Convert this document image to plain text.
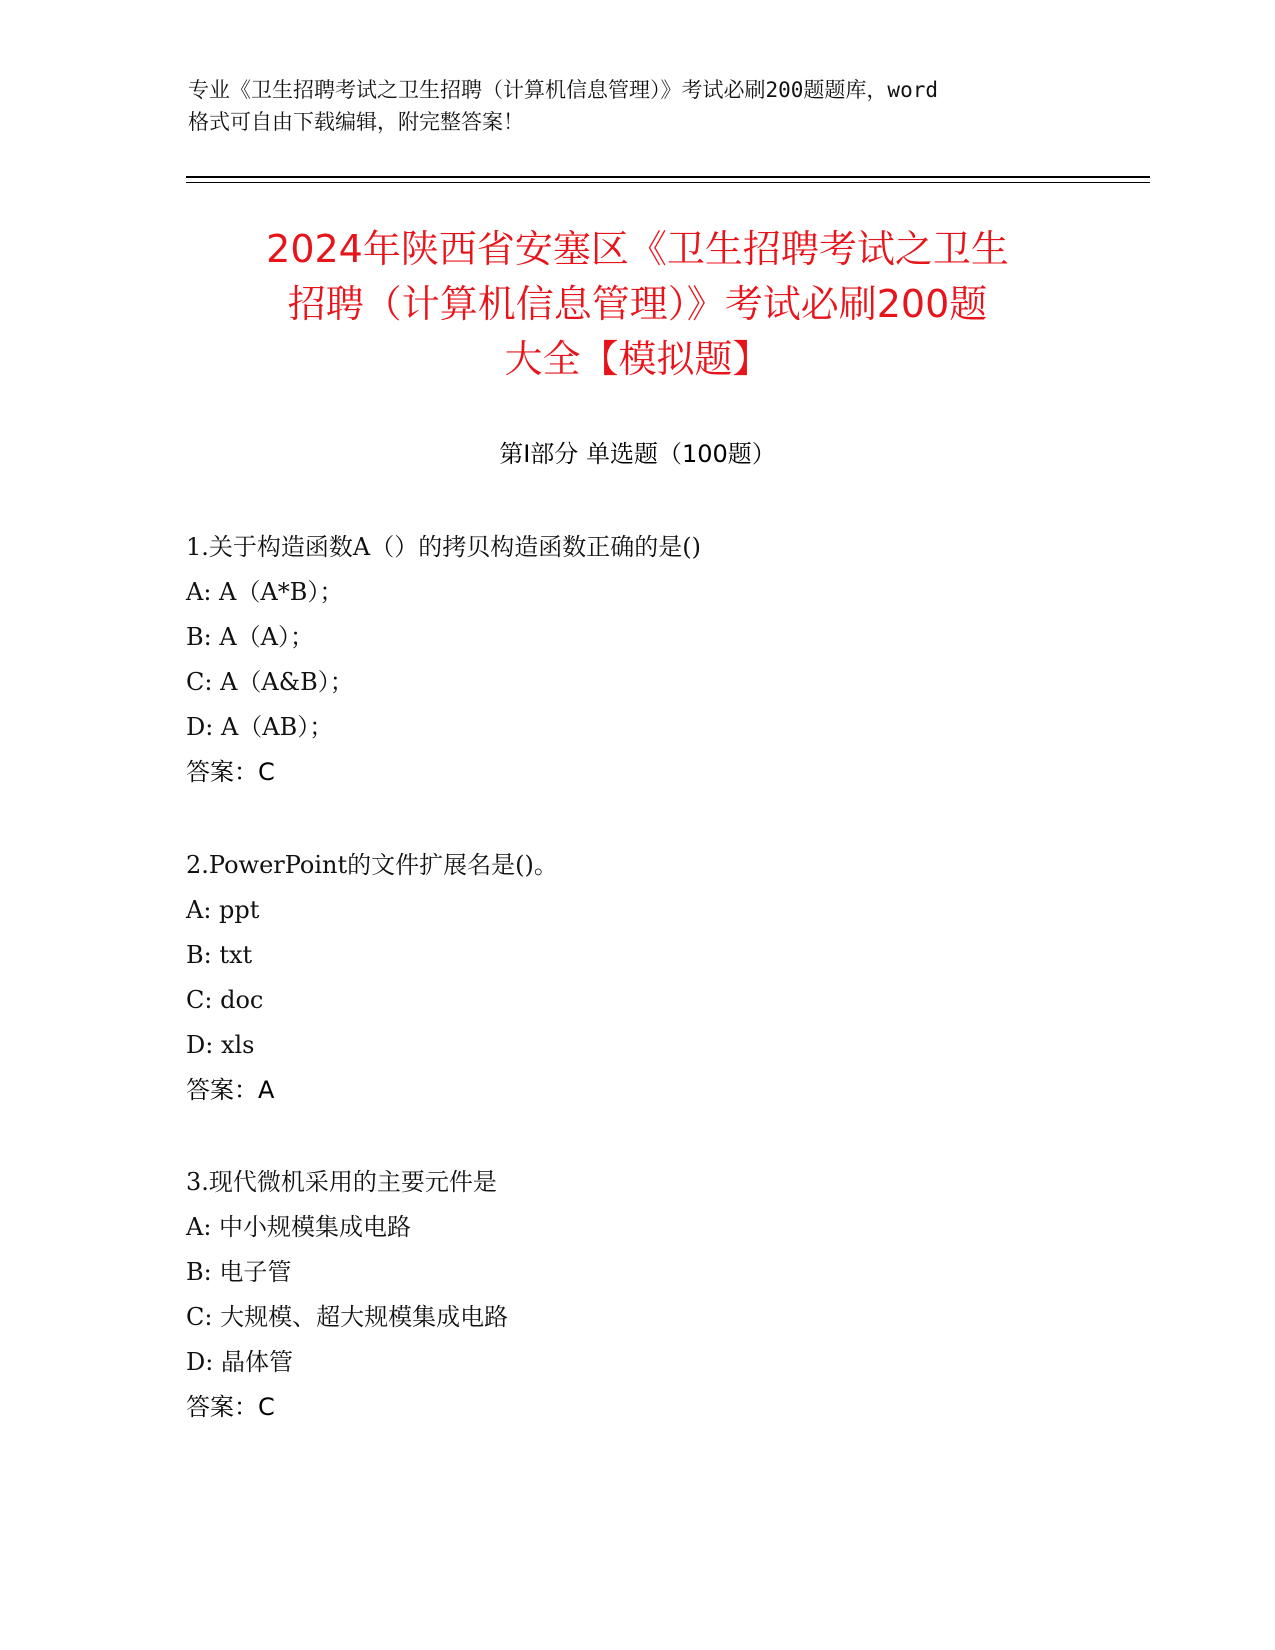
专业《卫生招聘考试之卫生招聘（计算机信息管理）》考试必刷200题题库，word
格式可自由下载编辑，附完整答案！
2024年陕西省安塞区《卫生招聘考试之卫生
招聘（计算机信息管理）》考试必刷200题
大全【模拟题】
第Ⅰ部分 单选题（100题）
1.关于构造函数A（）的拷贝构造函数正确的是()
A: A（A*B）；
B: A（A）；
C: A（A&B）；
D: A（AB）；
答案：C
2.PowerPoint的文件扩展名是()。
A: ppt
B: txt
C: doc
D: xls
答案：A
3.现代微机采用的主要元件是
A: 中小规模集成电路
B: 电子管
C: 大规模、超大规模集成电路
D: 晶体管
答案：C
